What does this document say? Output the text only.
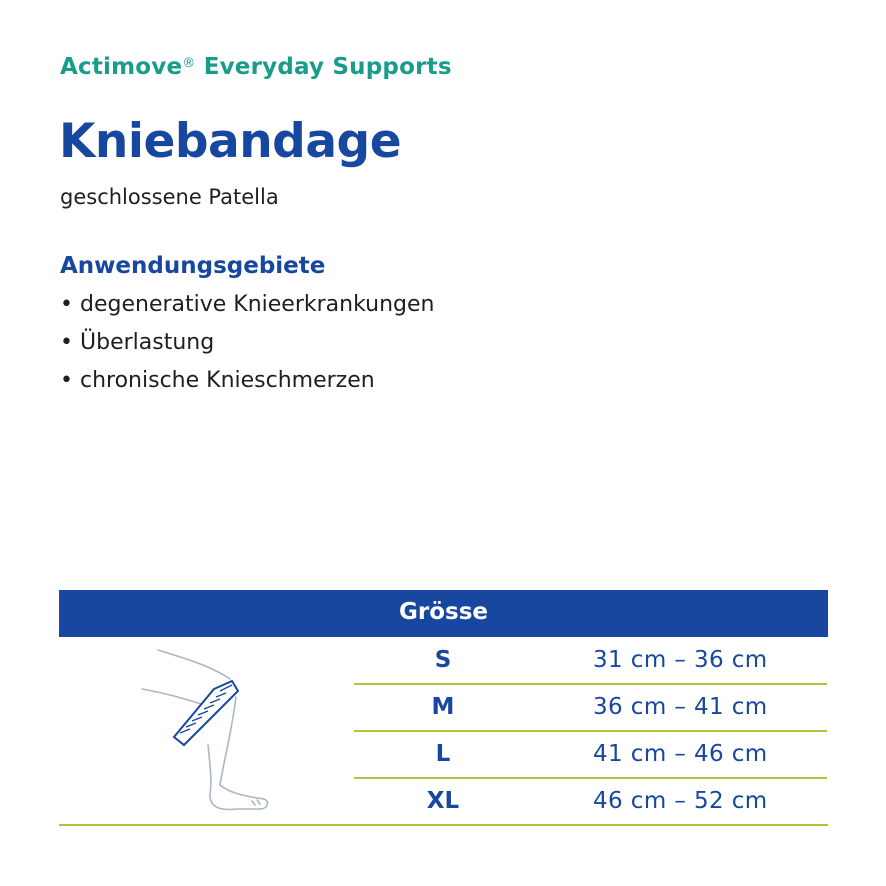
Actimove® Everyday Supports
Kniebandage
geschlossene Patella
Anwendungsgebiete
• degenerative Knieerkrankungen
• Überlastung
• chronische Knieschmerzen
Grösse
S	31 cm – 36 cm
M	36 cm – 41 cm
L	41 cm – 46 cm
XL	46 cm – 52 cm
